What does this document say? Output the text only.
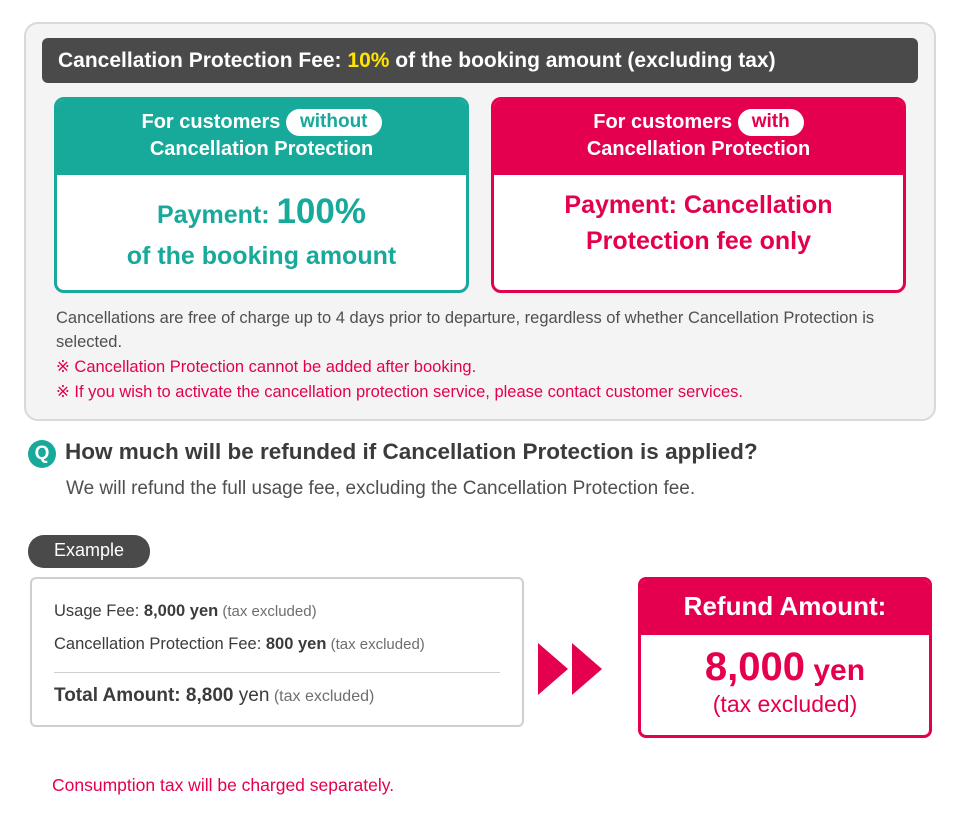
Cancellation Protection Fee: 10% of the booking amount (excluding tax)
For customers without
Cancellation Protection
Payment: 100%
of the booking amount
For customers with
Cancellation Protection
Payment: Cancellation
Protection fee only
Cancellations are free of charge up to 4 days prior to departure, regardless of whether Cancellation Protection is selected.
※ Cancellation Protection cannot be added after booking.
※ If you wish to activate the cancellation protection service, please contact customer services.
Q How much will be refunded if Cancellation Protection is applied?
We will refund the full usage fee, excluding the Cancellation Protection fee.
Example
Usage Fee: 8,000 yen (tax excluded)
Cancellation Protection Fee: 800 yen (tax excluded)
Total Amount: 8,800 yen (tax excluded)
Consumption tax will be charged separately.
Refund Amount:
8,000 yen
(tax excluded)
